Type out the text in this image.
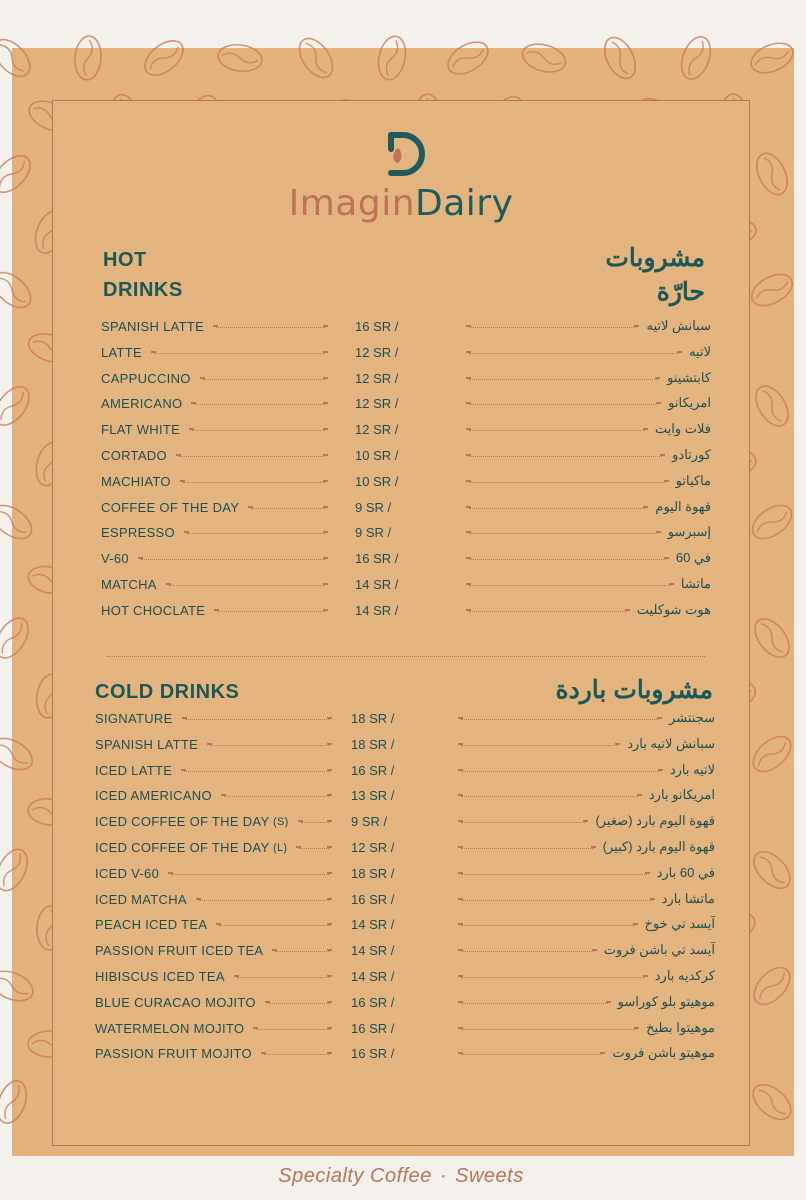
ImaginDairy
HOT
DRINKS
مشروبات
حارّة
SPANISH LATTE	16 SR /	سبانش لاتيه
LATTE	12 SR /	لاتيه
CAPPUCCINO	12 SR /	كابتشينو
AMERICANO	12 SR /	امريكانو
FLAT WHITE	12 SR /	فلات وايت
CORTADO	10 SR /	كورتادو
MACHIATO	10 SR /	ماكياتو
COFFEE OF THE DAY	9 SR /	قهوة اليوم
ESPRESSO	9 SR /	إسبرسو
V-60	16 SR /	في 60
MATCHA	14 SR /	ماتشا
HOT CHOCLATE	14 SR /	هوت شوكليت
COLD DRINKS	مشروبات باردة
SIGNATURE	18 SR /	سجنتشر
SPANISH LATTE	18 SR /	سبانش لاتيه بارد
ICED LATTE	16 SR /	لاتيه بارد
ICED AMERICANO	13 SR /	امريكانو بارد
ICED COFFEE OF THE DAY (S)	9 SR /	قهوة اليوم بارد (صغير)
ICED COFFEE OF THE DAY (L)	12 SR /	قهوة اليوم بارد (كبير)
ICED V-60	18 SR /	في 60 بارد
ICED MATCHA	16 SR /	ماتشا بارد
PEACH ICED TEA	14 SR /	آيسد تي خوخ
PASSION FRUIT ICED TEA	14 SR /	آيسد تي باشن فروت
HIBISCUS ICED TEA	14 SR /	كركديه بارد
BLUE CURACAO MOJITO	16 SR /	موهيتو بلو كوراسو
WATERMELON MOJITO	16 SR /	موهيتوا بطيخ
PASSION FRUIT MOJITO	16 SR /	موهيتو باشن فروت
Specialty Coffee · Sweets
